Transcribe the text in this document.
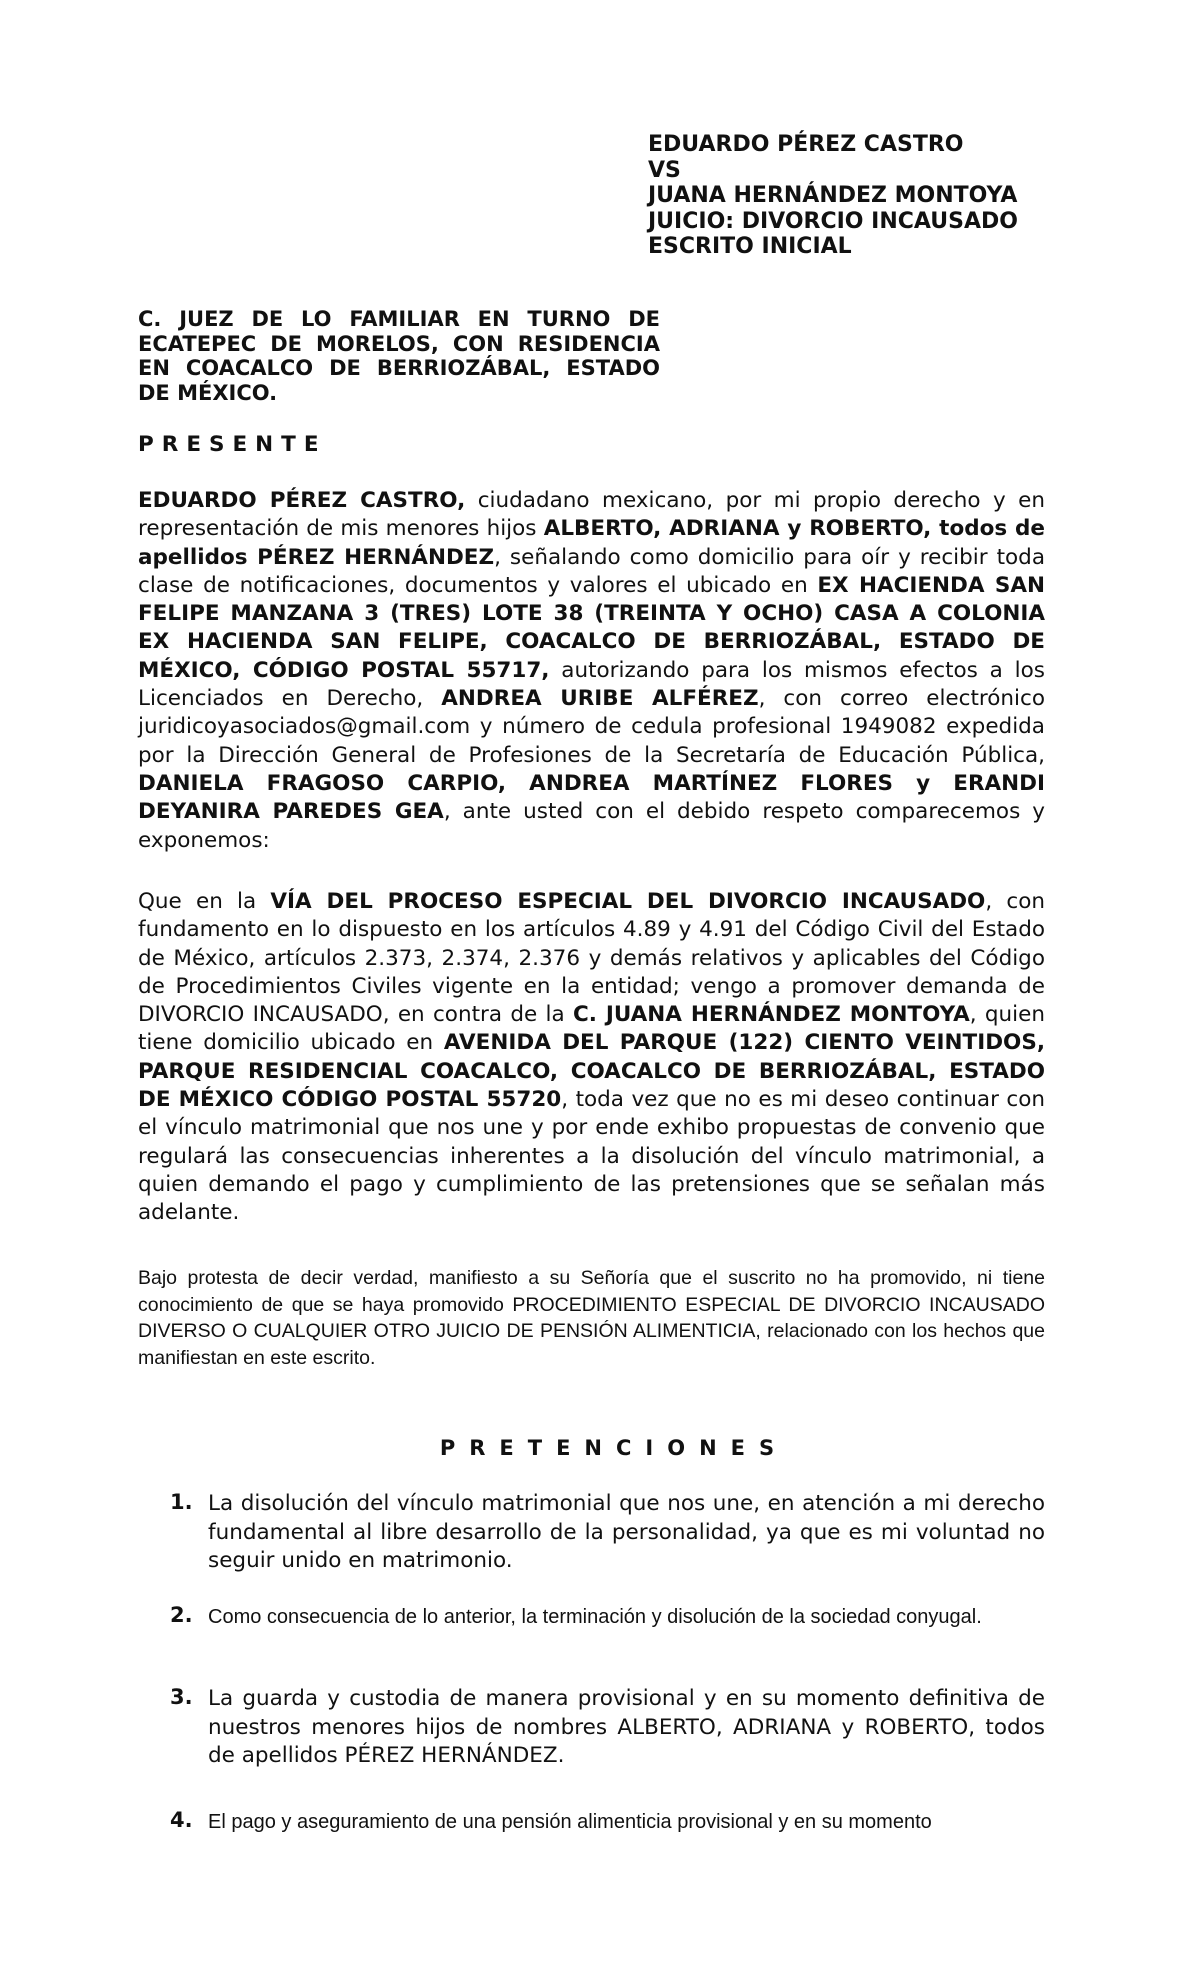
EDUARDO PÉREZ CASTRO
VS
JUANA HERNÁNDEZ MONTOYA
JUICIO: DIVORCIO INCAUSADO
ESCRITO INICIAL
C. JUEZ DE LO FAMILIAR EN TURNO DE ECATEPEC DE MORELOS, CON RESIDENCIA EN COACALCO DE BERRIOZÁBAL, ESTADO DE MÉXICO.
PRESENTE
EDUARDO PÉREZ CASTRO, ciudadano mexicano, por mi propio derecho y en representación de mis menores hijos ALBERTO, ADRIANA y ROBERTO, todos de apellidos PÉREZ HERNÁNDEZ, señalando como domicilio para oír y recibir toda clase de notificaciones, documentos y valores el ubicado en EX HACIENDA SAN FELIPE MANZANA 3 (TRES) LOTE 38 (TREINTA Y OCHO) CASA A COLONIA EX HACIENDA SAN FELIPE, COACALCO DE BERRIOZÁBAL, ESTADO DE MÉXICO, CÓDIGO POSTAL 55717, autorizando para los mismos efectos a los Licenciados en Derecho, ANDREA URIBE ALFÉREZ, con correo electrónico juridicoyasociados@gmail.com y número de cedula profesional 1949082 expedida por la Dirección General de Profesiones de la Secretaría de Educación Pública, DANIELA FRAGOSO CARPIO, ANDREA MARTÍNEZ FLORES y ERANDI DEYANIRA PAREDES GEA, ante usted con el debido respeto comparecemos y exponemos:
Que en la VÍA DEL PROCESO ESPECIAL DEL DIVORCIO INCAUSADO, con fundamento en lo dispuesto en los artículos 4.89 y 4.91 del Código Civil del Estado de México, artículos 2.373, 2.374, 2.376 y demás relativos y aplicables del Código de Procedimientos Civiles vigente en la entidad; vengo a promover demanda de DIVORCIO INCAUSADO, en contra de la C. JUANA HERNÁNDEZ MONTOYA, quien tiene domicilio ubicado en AVENIDA DEL PARQUE (122) CIENTO VEINTIDOS, PARQUE RESIDENCIAL COACALCO, COACALCO DE BERRIOZÁBAL, ESTADO DE MÉXICO CÓDIGO POSTAL 55720, toda vez que no es mi deseo continuar con el vínculo matrimonial que nos une y por ende exhibo propuestas de convenio que regulará las consecuencias inherentes a la disolución del vínculo matrimonial, a quien demando el pago y cumplimiento de las pretensiones que se señalan más adelante.
Bajo protesta de decir verdad, manifiesto a su Señoría que el suscrito no ha promovido, ni tiene conocimiento de que se haya promovido PROCEDIMIENTO ESPECIAL DE DIVORCIO INCAUSADO DIVERSO O CUALQUIER OTRO JUICIO DE PENSIÓN ALIMENTICIA, relacionado con los hechos que manifiestan en este escrito.
PRETENCIONES
1. La disolución del vínculo matrimonial que nos une, en atención a mi derecho fundamental al libre desarrollo de la personalidad, ya que es mi voluntad no seguir unido en matrimonio.
2. Como consecuencia de lo anterior, la terminación y disolución de la sociedad conyugal.
3. La guarda y custodia de manera provisional y en su momento definitiva de nuestros menores hijos de nombres ALBERTO, ADRIANA y ROBERTO, todos de apellidos PÉREZ HERNÁNDEZ.
4. El pago y aseguramiento de una pensión alimenticia provisional y en su momento
